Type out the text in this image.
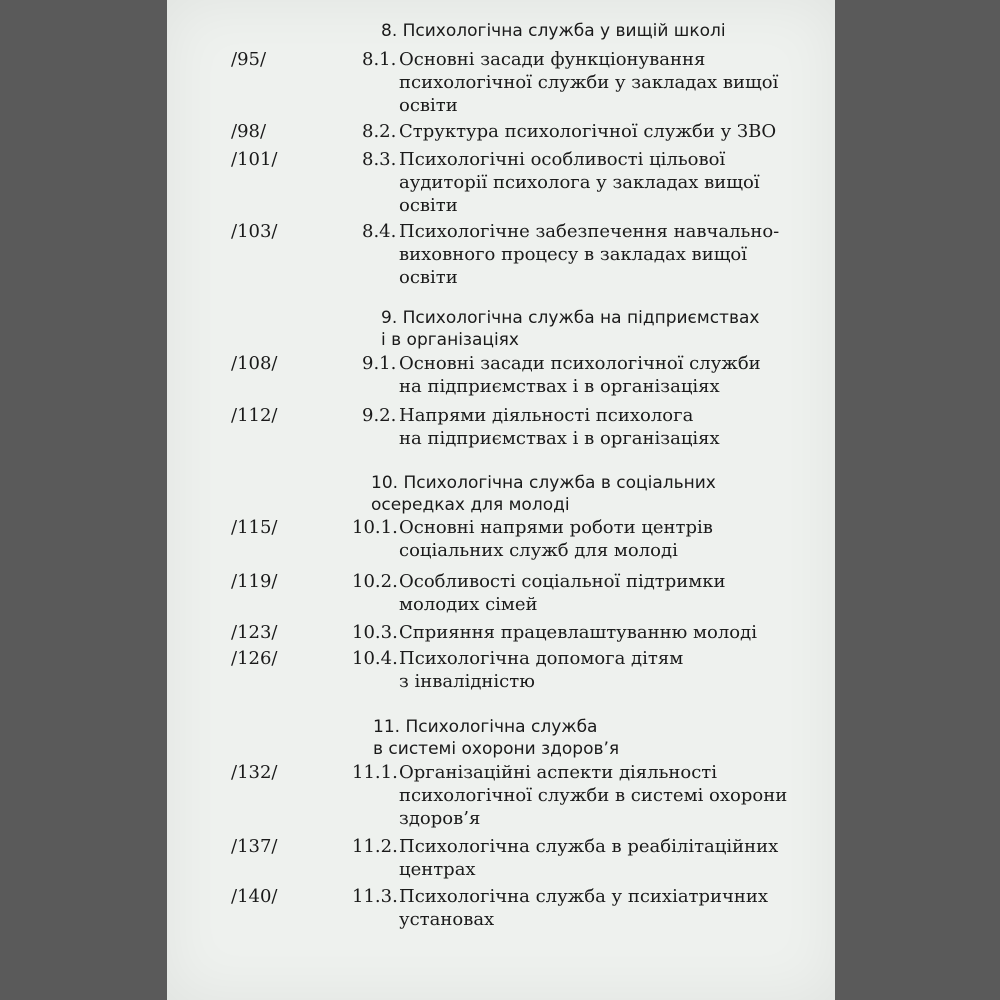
8. Психологічна служба у вищій школі
/95/	8.1. Основні засади функціонування
психологічної служби у закладах вищої
освіти
/98/	8.2. Структура психологічної служби у ЗВО
/101/	8.3. Психологічні особливості цільової
аудиторії психолога у закладах вищої
освіти
/103/	8.4. Психологічне забезпечення навчально-
виховного процесу в закладах вищої
освіти
9. Психологічна служба на підприємствах
і в організаціях
/108/	9.1. Основні засади психологічної служби
на підприємствах і в організаціях
/112/	9.2. Напрями діяльності психолога
на підприємствах і в організаціях
10. Психологічна служба в соціальних
осередках для молоді
/115/	10.1. Основні напрями роботи центрів
соціальних служб для молоді
/119/	10.2. Особливості соціальної підтримки
молодих сімей
/123/	10.3. Сприяння працевлаштуванню молоді
/126/	10.4. Психологічна допомога дітям
з інвалідністю
11. Психологічна служба
в системі охорони здоров’я
/132/	11.1. Організаційні аспекти діяльності
психологічної служби в системі охорони
здоров’я
/137/	11.2. Психологічна служба в реабілітаційних
центрах
/140/	11.3. Психологічна служба у психіатричних
установах
